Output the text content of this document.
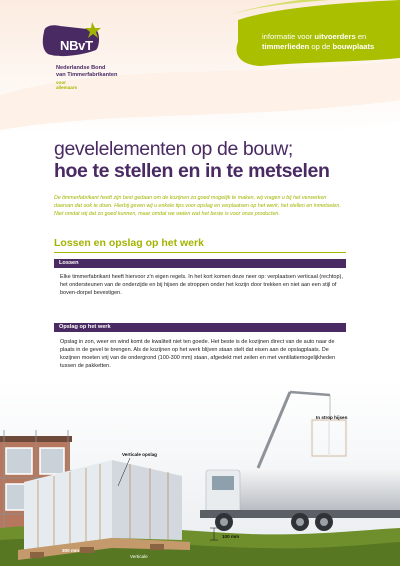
NBvT
Nederlandse Bond
van Timmerfabrikanten
voor allemaars
informatie voor uitvoerders en
timmerlieden op de bouwplaats
gevelelementen op de bouw;
hoe te stellen en in te metselen

De timmerfabrikant heeft zijn best gedaan om de kozijnen zo goed mogelijk te maken, wij vragen u bij het verwerken daarvan dat ook te doen. Hierbij geven wij u enkele tips voor opslag en verplaatsen op het werk, het stellen en inmetselen. Niet omdat wij dat zo goed kunnen, maar omdat we weten wat het beste is voor onze producten.

Lossen en opslag op het werk
Lossen

Elke timmerfabrikant heeft hiervoor z'n eigen regels. In het kort komen deze neer op: verplaatsen verticaal (rechtop), het ondersteunen van de onderzijde en bij hijsen de stroppen onder het kozijn door trekken en niet aan een stijl of boven-dorpel bevestigen.

Opslag op het werk

Opslag in zon, weer en wind komt de kwaliteit niet ten goede. Het beste is de kozijnen direct van de auto naar de plaats in de gevel te brengen. Als de kozijnen op het werk blijven staan stelt dat eisen aan de opslagplaats. De kozijnen moeten vrij van de ondergrond (100-300 mm) staan, afgedekt met zeilen en met ventilatiemogelijkheden tussen de pakketten.

In strop hijsen
Verticale opslag
100 mm
300 mm
Verticale
